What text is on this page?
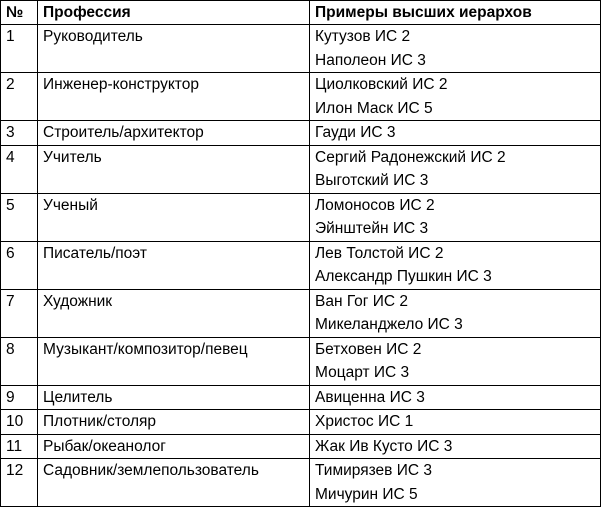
№	Профессия	Примеры высших иерархов
1	Руководитель	Кутузов ИС 2
Наполеон ИС 3

2	Инженер-конструктор	Циолковский ИС 2
Илон Маск ИС 5

3	Строитель/архитектор	Гауди ИС 3

4	Учитель	Сергий Радонежский ИС 2
Выготский ИС 3

5	Ученый	Ломоносов ИС 2
Эйнштейн ИС 3

6	Писатель/поэт	Лев Толстой ИС 2
Александр Пушкин ИС 3

7	Художник	Ван Гог ИС 2
Микеланджело ИС 3

8	Музыкант/композитор/певец	Бетховен ИС 2
Моцарт ИС 3

9	Целитель	Авиценна ИС 3

10	Плотник/столяр	Христос ИС 1

11	Рыбак/океанолог	Жак Ив Кусто ИС 3

12	Садовник/землепользователь	Тимирязев ИС 3
Мичурин ИС 5
